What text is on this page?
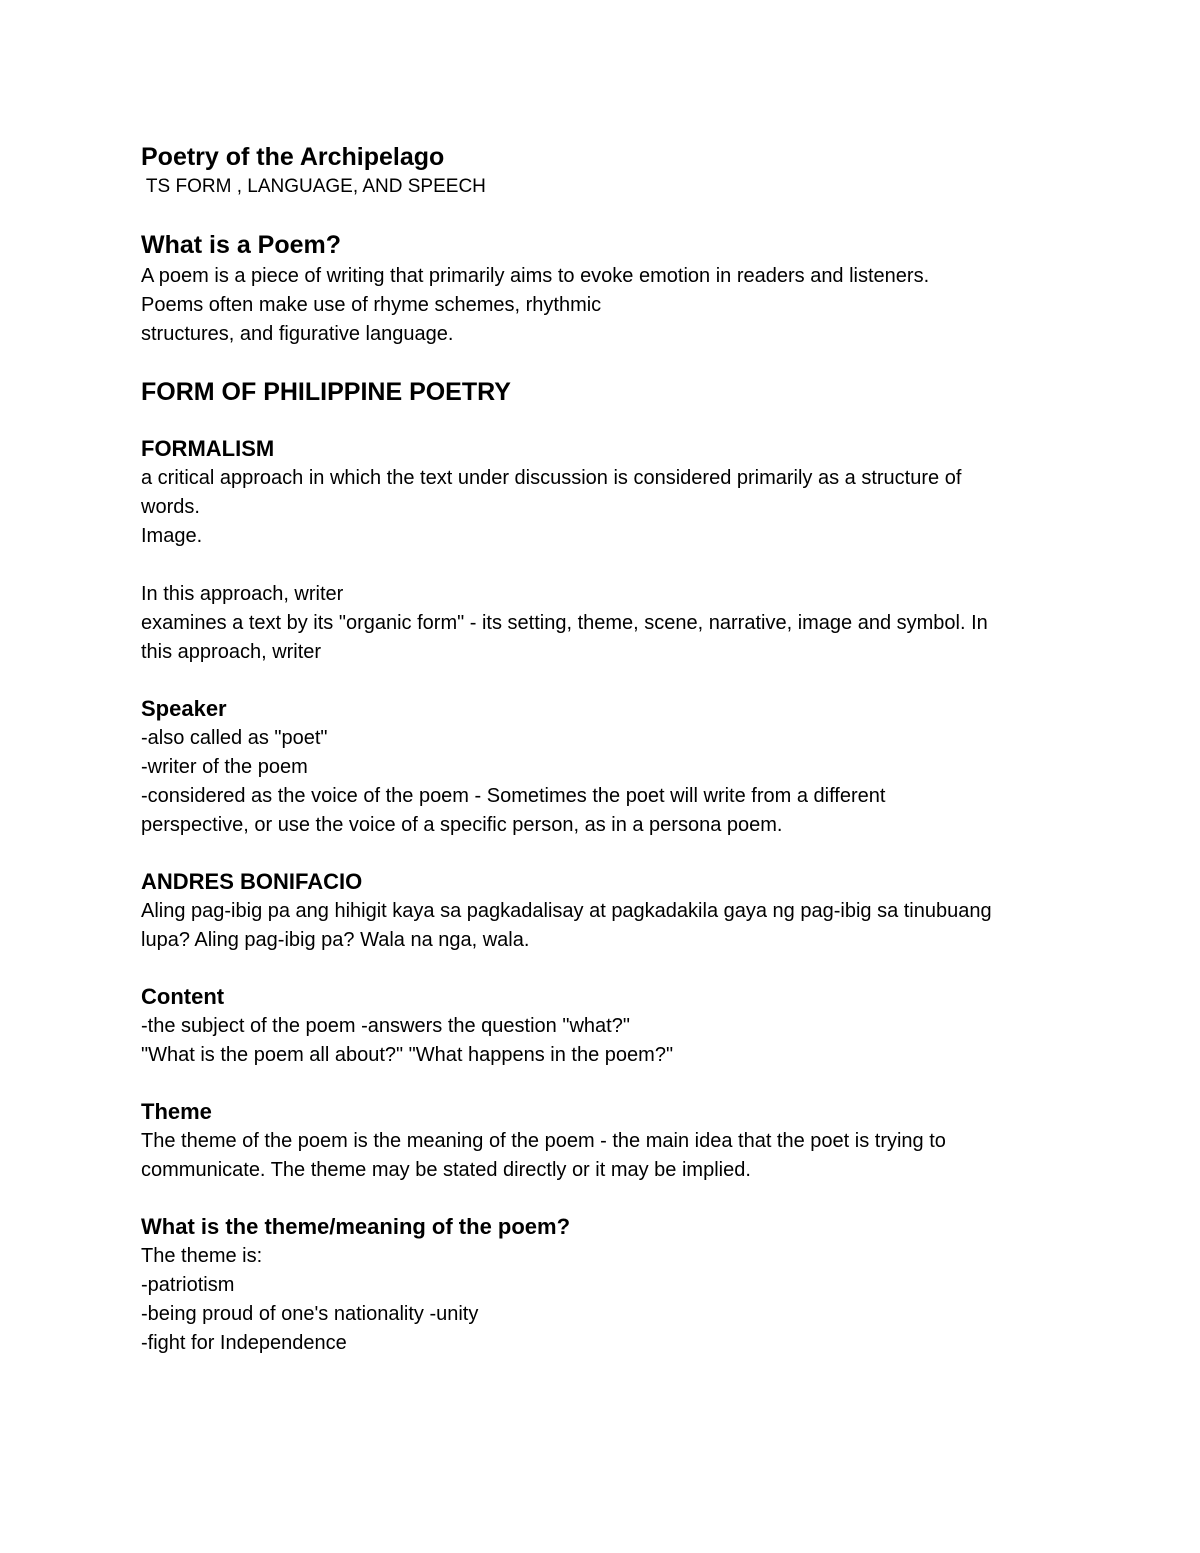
Poetry of the Archipelago
TS FORM , LANGUAGE, AND SPEECH
What is a Poem?
A poem is a piece of writing that primarily aims to evoke emotion in readers and listeners.
Poems often make use of rhyme schemes, rhythmic
structures, and figurative language.
FORM OF PHILIPPINE POETRY
FORMALISM
a critical approach in which the text under discussion is considered primarily as a structure of
words.
Image.
In this approach, writer
examines a text by its "organic form" - its setting, theme, scene, narrative, image and symbol. In
this approach, writer
Speaker
-also called as "poet"
-writer of the poem
-considered as the voice of the poem - Sometimes the poet will write from a different
perspective, or use the voice of a specific person, as in a persona poem.
ANDRES BONIFACIO
Aling pag-ibig pa ang hihigit kaya sa pagkadalisay at pagkadakila gaya ng pag-ibig sa tinubuang
lupa? Aling pag-ibig pa? Wala na nga, wala.
Content
-the subject of the poem -answers the question "what?"
"What is the poem all about?" "What happens in the poem?"
Theme
The theme of the poem is the meaning of the poem - the main idea that the poet is trying to
communicate. The theme may be stated directly or it may be implied.
What is the theme/meaning of the poem?
The theme is:
-patriotism
-being proud of one's nationality -unity
-fight for Independence
